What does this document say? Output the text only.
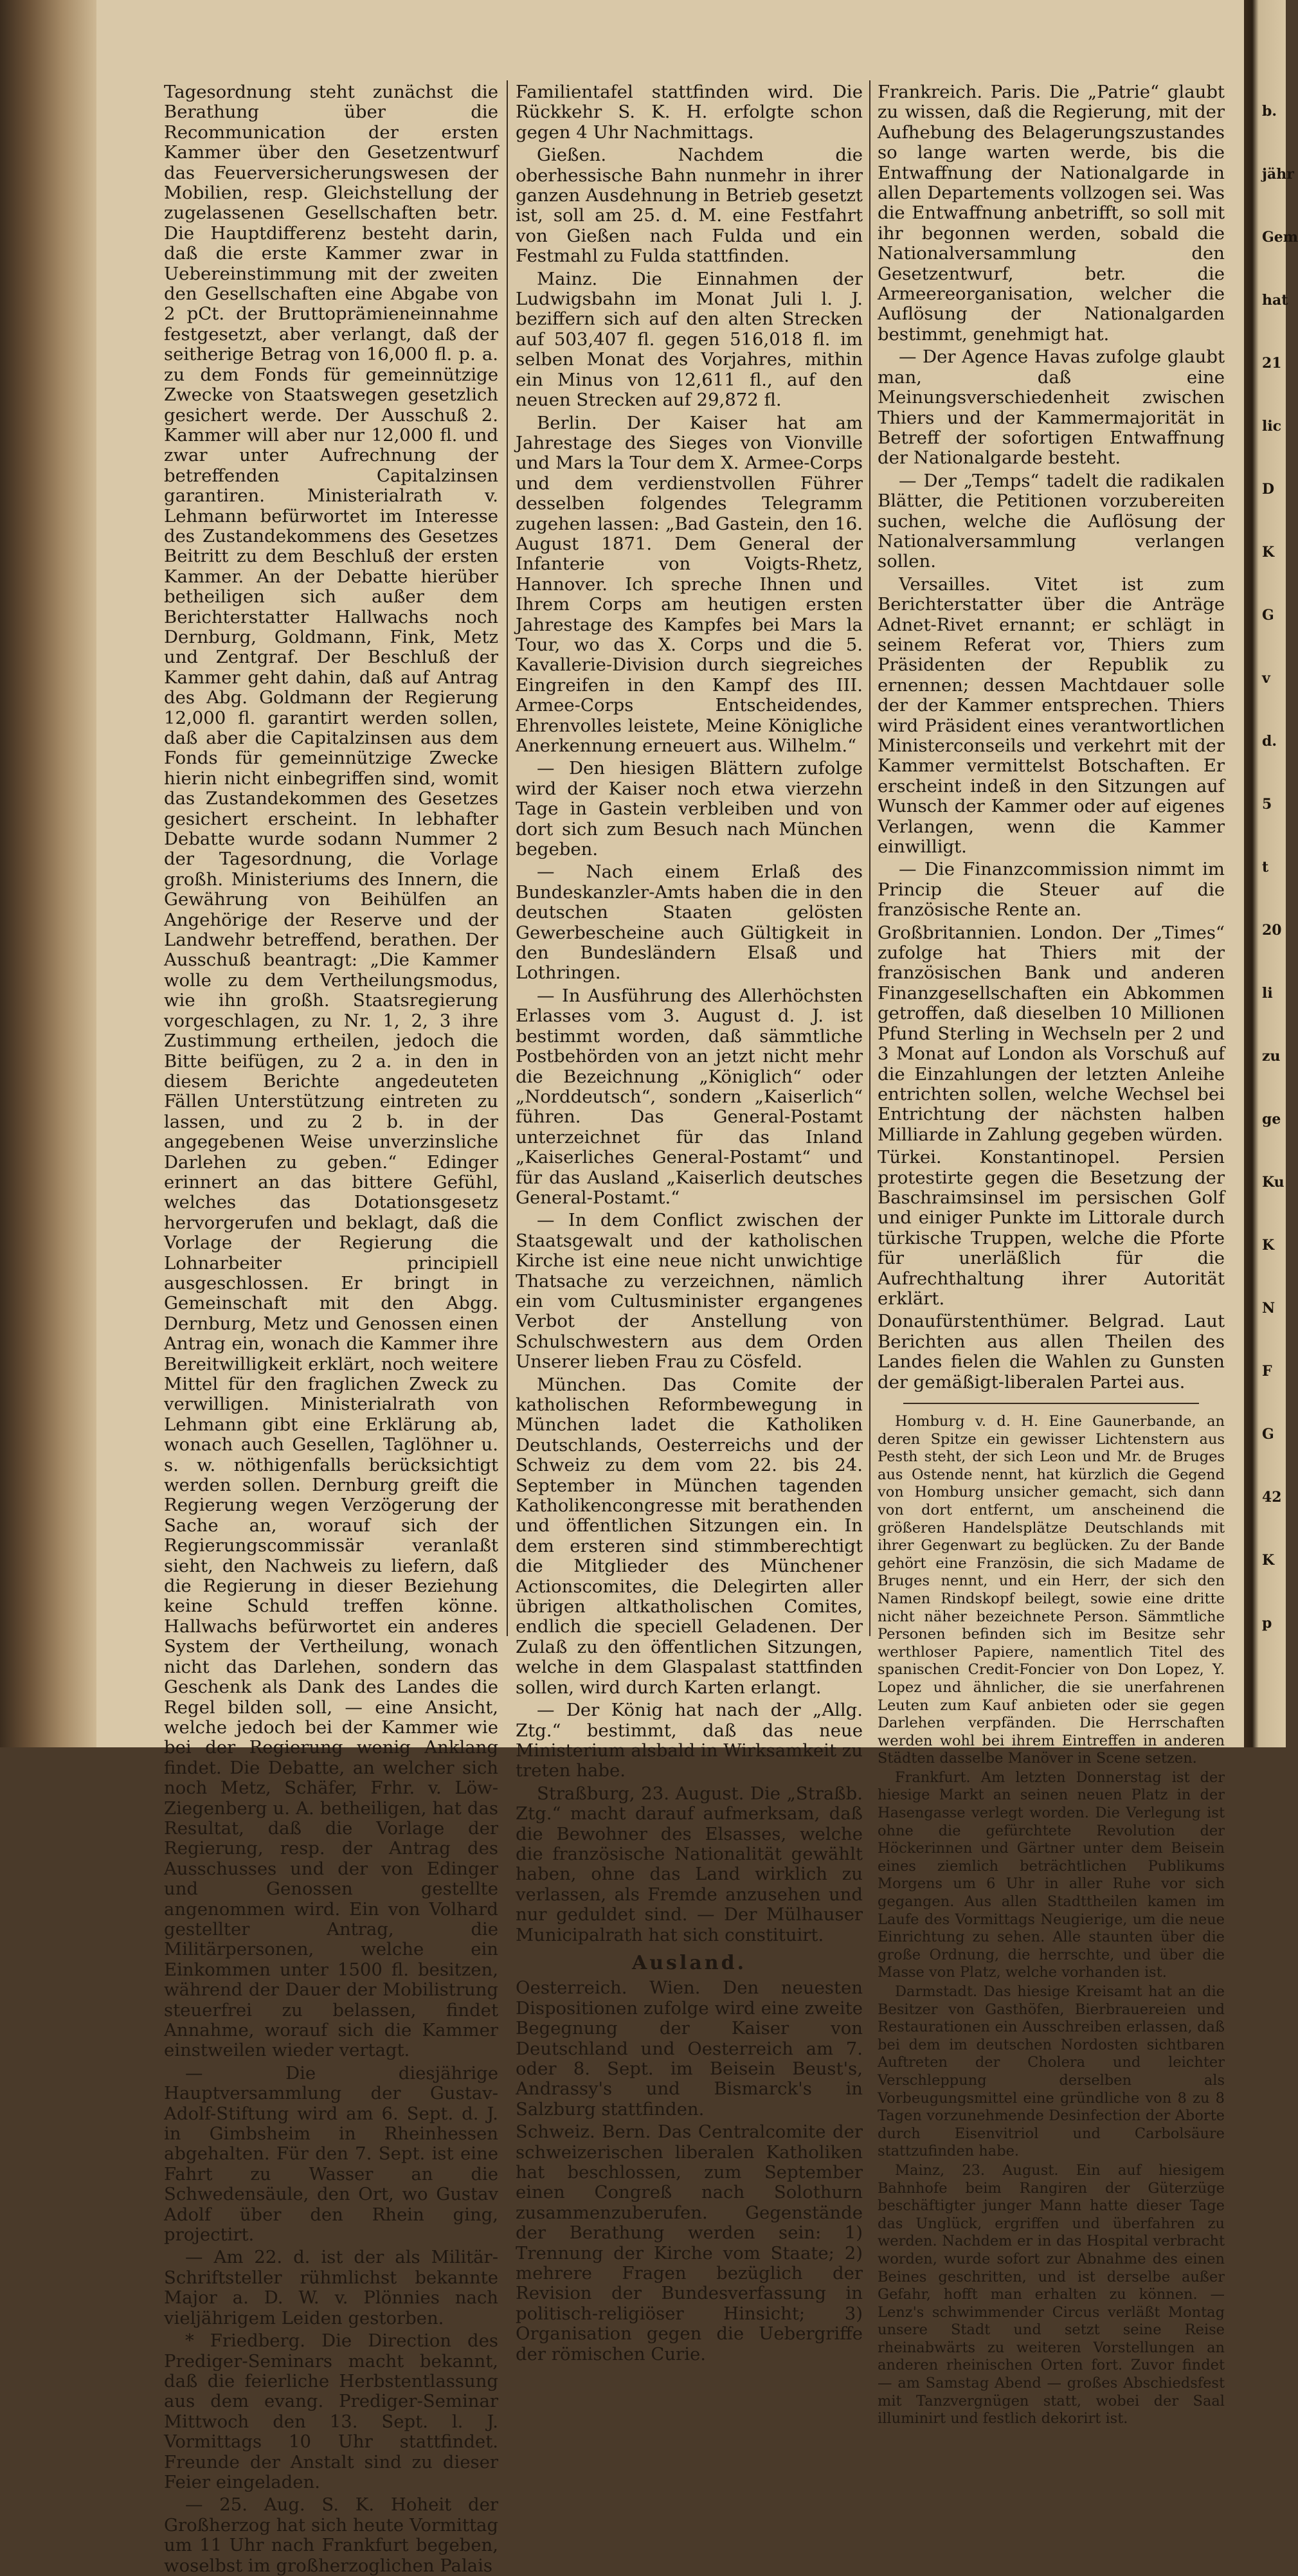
Tagesordnung steht zunächst die Berathung über die Recommunication der ersten Kammer über den Gesetzentwurf das Feuerversicherungswesen der Mobilien, resp. Gleichstellung der zugelassenen Gesellschaften betr. Die Hauptdifferenz besteht darin, daß die erste Kammer zwar in Uebereinstimmung mit der zweiten den Gesellschaften eine Abgabe von 2 pCt. der Bruttoprämieneinnahme festgesetzt, aber verlangt, daß der seitherige Betrag von 16,000 fl. p. a. zu dem Fonds für gemeinnützige Zwecke von Staatswegen gesetzlich gesichert werde. Der Ausschuß 2. Kammer will aber nur 12,000 fl. und zwar unter Aufrechnung der betreffenden Capitalzinsen garantiren. Ministerialrath v. Lehmann befürwortet im Interesse des Zustandekommens des Gesetzes Beitritt zu dem Beschluß der ersten Kammer. An der Debatte hierüber betheiligen sich außer dem Berichterstatter Hallwachs noch Dernburg, Goldmann, Fink, Metz und Zentgraf. Der Beschluß der Kammer geht dahin, daß auf Antrag des Abg. Goldmann der Regierung 12,000 fl. garantirt werden sollen, daß aber die Capitalzinsen aus dem Fonds für gemeinnützige Zwecke hierin nicht einbegriffen sind, womit das Zustandekommen des Gesetzes gesichert erscheint. In lebhafter Debatte wurde sodann Nummer 2 der Tagesordnung, die Vorlage großh. Ministeriums des Innern, die Gewährung von Beihülfen an Angehörige der Reserve und der Landwehr betreffend, berathen. Der Ausschuß beantragt: „Die Kammer wolle zu dem Vertheilungsmodus, wie ihn großh. Staatsregierung vorgeschlagen, zu Nr. 1, 2, 3 ihre Zustimmung ertheilen, jedoch die Bitte beifügen, zu 2 a. in den in diesem Berichte angedeuteten Fällen Unterstützung eintreten zu lassen, und zu 2 b. in der angegebenen Weise unverzinsliche Darlehen zu geben.“ Edinger erinnert an das bittere Gefühl, welches das Dotationsgesetz hervorgerufen und beklagt, daß die Vorlage der Regierung die Lohnarbeiter principiell ausgeschlossen. Er bringt in Gemeinschaft mit den Abgg. Dernburg, Metz und Genossen einen Antrag ein, wonach die Kammer ihre Bereitwilligkeit erklärt, noch weitere Mittel für den fraglichen Zweck zu verwilligen. Ministerialrath von Lehmann gibt eine Erklärung ab, wonach auch Gesellen, Taglöhner u. s. w. nöthigenfalls berücksichtigt werden sollen. Dernburg greift die Regierung wegen Verzögerung der Sache an, worauf sich der Regierungscommissär veranlaßt sieht, den Nachweis zu liefern, daß die Regierung in dieser Beziehung keine Schuld treffen könne. Hallwachs befürwortet ein anderes System der Vertheilung, wonach nicht das Darlehen, sondern das Geschenk als Dank des Landes die Regel bilden soll, — eine Ansicht, welche jedoch bei der Kammer wie bei der Regierung wenig Anklang findet. Die Debatte, an welcher sich noch Metz, Schäfer, Frhr. v. Löw-Ziegenberg u. A. betheiligen, hat das Resultat, daß die Vorlage der Regierung, resp. der Antrag des Ausschusses und der von Edinger und Genossen gestellte angenommen wird. Ein von Volhard gestellter Antrag, die Militärpersonen, welche ein Einkommen unter 1500 fl. besitzen, während der Dauer der Mobilistrung steuerfrei zu belassen, findet Annahme, worauf sich die Kammer einstweilen wieder vertagt.

— Die diesjährige Hauptversammlung der Gustav-Adolf-Stiftung wird am 6. Sept. d. J. in Gimbsheim in Rheinhessen abgehalten. Für den 7. Sept. ist eine Fahrt zu Wasser an die Schwedensäule, den Ort, wo Gustav Adolf über den Rhein ging, projectirt.

— Am 22. d. ist der als Militär-Schriftsteller rühmlichst bekannte Major a. D. W. v. Plönnies nach vieljährigem Leiden gestorben.

* Friedberg. Die Direction des Prediger-Seminars macht bekannt, daß die feierliche Herbstentlassung aus dem evang. Prediger-Seminar Mittwoch den 13. Sept. l. J. Vormittags 10 Uhr stattfindet. Freunde der Anstalt sind zu dieser Feier eingeladen.

— 25. Aug. S. K. Hoheit der Großherzog hat sich heute Vormittag um 11 Uhr nach Frankfurt begeben, woselbst im großherzoglichen Palais

Familientafel stattfinden wird. Die Rückkehr S. K. H. erfolgte schon gegen 4 Uhr Nachmittags.

Gießen. Nachdem die oberhessische Bahn nunmehr in ihrer ganzen Ausdehnung in Betrieb gesetzt ist, soll am 25. d. M. eine Festfahrt von Gießen nach Fulda und ein Festmahl zu Fulda stattfinden.

Mainz. Die Einnahmen der Ludwigsbahn im Monat Juli l. J. beziffern sich auf den alten Strecken auf 503,407 fl. gegen 516,018 fl. im selben Monat des Vorjahres, mithin ein Minus von 12,611 fl., auf den neuen Strecken auf 29,872 fl.

Berlin. Der Kaiser hat am Jahrestage des Sieges von Vionville und Mars la Tour dem X. Armee-Corps und dem verdienstvollen Führer desselben folgendes Telegramm zugehen lassen: „Bad Gastein, den 16. August 1871. Dem General der Infanterie von Voigts-Rhetz, Hannover. Ich spreche Ihnen und Ihrem Corps am heutigen ersten Jahrestage des Kampfes bei Mars la Tour, wo das X. Corps und die 5. Kavallerie-Division durch siegreiches Eingreifen in den Kampf des III. Armee-Corps Entscheidendes, Ehrenvolles leistete, Meine Königliche Anerkennung erneuert aus. Wilhelm.“

— Den hiesigen Blättern zufolge wird der Kaiser noch etwa vierzehn Tage in Gastein verbleiben und von dort sich zum Besuch nach München begeben.

— Nach einem Erlaß des Bundeskanzler-Amts haben die in den deutschen Staaten gelösten Gewerbescheine auch Gültigkeit in den Bundesländern Elsaß und Lothringen.

— In Ausführung des Allerhöchsten Erlasses vom 3. August d. J. ist bestimmt worden, daß sämmtliche Postbehörden von an jetzt nicht mehr die Bezeichnung „Königlich“ oder „Norddeutsch“, sondern „Kaiserlich“ führen. Das General-Postamt unterzeichnet für das Inland „Kaiserliches General-Postamt“ und für das Ausland „Kaiserlich deutsches General-Postamt.“

— In dem Conflict zwischen der Staatsgewalt und der katholischen Kirche ist eine neue nicht unwichtige Thatsache zu verzeichnen, nämlich ein vom Cultusminister ergangenes Verbot der Anstellung von Schulschwestern aus dem Orden Unserer lieben Frau zu Cösfeld.

München. Das Comite der katholischen Reformbewegung in München ladet die Katholiken Deutschlands, Oesterreichs und der Schweiz zu dem vom 22. bis 24. September in München tagenden Katholikencongresse mit berathenden und öffentlichen Sitzungen ein. In dem ersteren sind stimmberechtigt die Mitglieder des Münchener Actionscomites, die Delegirten aller übrigen altkatholischen Comites, endlich die speciell Geladenen. Der Zulaß zu den öffentlichen Sitzungen, welche in dem Glaspalast stattfinden sollen, wird durch Karten erlangt.

— Der König hat nach der „Allg. Ztg.“ bestimmt, daß das neue Ministerium alsbald in Wirksamkeit zu treten habe.

Straßburg, 23. August. Die „Straßb. Ztg.“ macht darauf aufmerksam, daß die Bewohner des Elsasses, welche die französische Nationalität gewählt haben, ohne das Land wirklich zu verlassen, als Fremde anzusehen und nur geduldet sind. — Der Mülhauser Municipalrath hat sich constituirt.

Ausland.

Oesterreich. Wien. Den neuesten Dispositionen zufolge wird eine zweite Begegnung der Kaiser von Deutschland und Oesterreich am 7. oder 8. Sept. im Beisein Beust's, Andrassy's und Bismarck's in Salzburg stattfinden.

Schweiz. Bern. Das Centralcomite der schweizerischen liberalen Katholiken hat beschlossen, zum September einen Congreß nach Solothurn zusammenzuberufen. Gegenstände der Berathung werden sein: 1) Trennung der Kirche vom Staate; 2) mehrere Fragen bezüglich der Revision der Bundesverfassung in politisch-religiöser Hinsicht; 3) Organisation gegen die Uebergriffe der römischen Curie.

Frankreich. Paris. Die „Patrie“ glaubt zu wissen, daß die Regierung, mit der Aufhebung des Belagerungszustandes so lange warten werde, bis die Entwaffnung der Nationalgarde in allen Departements vollzogen sei. Was die Entwaffnung anbetrifft, so soll mit ihr begonnen werden, sobald die Nationalversammlung den Gesetzentwurf, betr. die Armeereorganisation, welcher die Auflösung der Nationalgarden bestimmt, genehmigt hat.

— Der Agence Havas zufolge glaubt man, daß eine Meinungsverschiedenheit zwischen Thiers und der Kammermajorität in Betreff der sofortigen Entwaffnung der Nationalgarde besteht.

— Der „Temps“ tadelt die radikalen Blätter, die Petitionen vorzubereiten suchen, welche die Auflösung der Nationalversammlung verlangen sollen.

Versailles. Vitet ist zum Berichterstatter über die Anträge Adnet-Rivet ernannt; er schlägt in seinem Referat vor, Thiers zum Präsidenten der Republik zu ernennen; dessen Machtdauer solle der der Kammer entsprechen. Thiers wird Präsident eines verantwortlichen Ministerconseils und verkehrt mit der Kammer vermittelst Botschaften. Er erscheint indeß in den Sitzungen auf Wunsch der Kammer oder auf eigenes Verlangen, wenn die Kammer einwilligt.

— Die Finanzcommission nimmt im Princip die Steuer auf die französische Rente an.

Großbritannien. London. Der „Times“ zufolge hat Thiers mit der französischen Bank und anderen Finanzgesellschaften ein Abkommen getroffen, daß dieselben 10 Millionen Pfund Sterling in Wechseln per 2 und 3 Monat auf London als Vorschuß auf die Einzahlungen der letzten Anleihe entrichten sollen, welche Wechsel bei Entrichtung der nächsten halben Milliarde in Zahlung gegeben würden.

Türkei. Konstantinopel. Persien protestirte gegen die Besetzung der Baschraimsinsel im persischen Golf und einiger Punkte im Littorale durch türkische Truppen, welche die Pforte für unerläßlich für die Aufrechthaltung ihrer Autorität erklärt.

Donaufürstenthümer. Belgrad. Laut Berichten aus allen Theilen des Landes fielen die Wahlen zu Gunsten der gemäßigt-liberalen Partei aus.

Homburg v. d. H. Eine Gaunerbande, an deren Spitze ein gewisser Lichtenstern aus Pesth steht, der sich Leon und Mr. de Bruges aus Ostende nennt, hat kürzlich die Gegend von Homburg unsicher gemacht, sich dann von dort entfernt, um anscheinend die größeren Handelsplätze Deutschlands mit ihrer Gegenwart zu beglücken. Zu der Bande gehört eine Französin, die sich Madame de Bruges nennt, und ein Herr, der sich den Namen Rindskopf beilegt, sowie eine dritte nicht näher bezeichnete Person. Sämmtliche Personen befinden sich im Besitze sehr werthloser Papiere, namentlich Titel des spanischen Credit-Foncier von Don Lopez, Y. Lopez und ähnlicher, die sie unerfahrenen Leuten zum Kauf anbieten oder sie gegen Darlehen verpfänden. Die Herrschaften werden wohl bei ihrem Eintreffen in anderen Städten dasselbe Manöver in Scene setzen.

Frankfurt. Am letzten Donnerstag ist der hiesige Markt an seinen neuen Platz in der Hasengasse verlegt worden. Die Verlegung ist ohne die gefürchtete Revolution der Höckerinnen und Gärtner unter dem Beisein eines ziemlich beträchtlichen Publikums Morgens um 6 Uhr in aller Ruhe vor sich gegangen. Aus allen Stadttheilen kamen im Laufe des Vormittags Neugierige, um die neue Einrichtung zu sehen. Alle staunten über die große Ordnung, die herrschte, und über die Masse von Platz, welche vorhanden ist.

Darmstadt. Das hiesige Kreisamt hat an die Besitzer von Gasthöfen, Bierbrauereien und Restaurationen ein Ausschreiben erlassen, daß bei dem im deutschen Nordosten sichtbaren Auftreten der Cholera und leichter Verschleppung derselben als Vorbeugungsmittel eine gründliche von 8 zu 8 Tagen vorzunehmende Desinfection der Aborte durch Eisenvitriol und Carbolsäure stattzufinden habe.

Mainz, 23. August. Ein auf hiesigem Bahnhofe beim Rangiren der Güterzüge beschäftigter junger Mann hatte dieser Tage das Unglück, ergriffen und überfahren zu werden. Nachdem er in das Hospital verbracht worden, wurde sofort zur Abnahme des einen Beines geschritten, und ist derselbe außer Gefahr, hofft man erhalten zu können. — Lenz's schwimmender Circus verläßt Montag unsere Stadt und setzt seine Reise rheinabwärts zu weiteren Vorstellungen an anderen rheinischen Orten fort. Zuvor findet — am Samstag Abend — großes Abschiedsfest mit Tanzvergnügen statt, wobei der Saal illuminirt und festlich dekorirt ist.

b.
jähr
Gem
hat
21
lic
D
K
G
v
d.
5
t
20
li
zu
ge
Ku
K
N
F
G
42
K
p
